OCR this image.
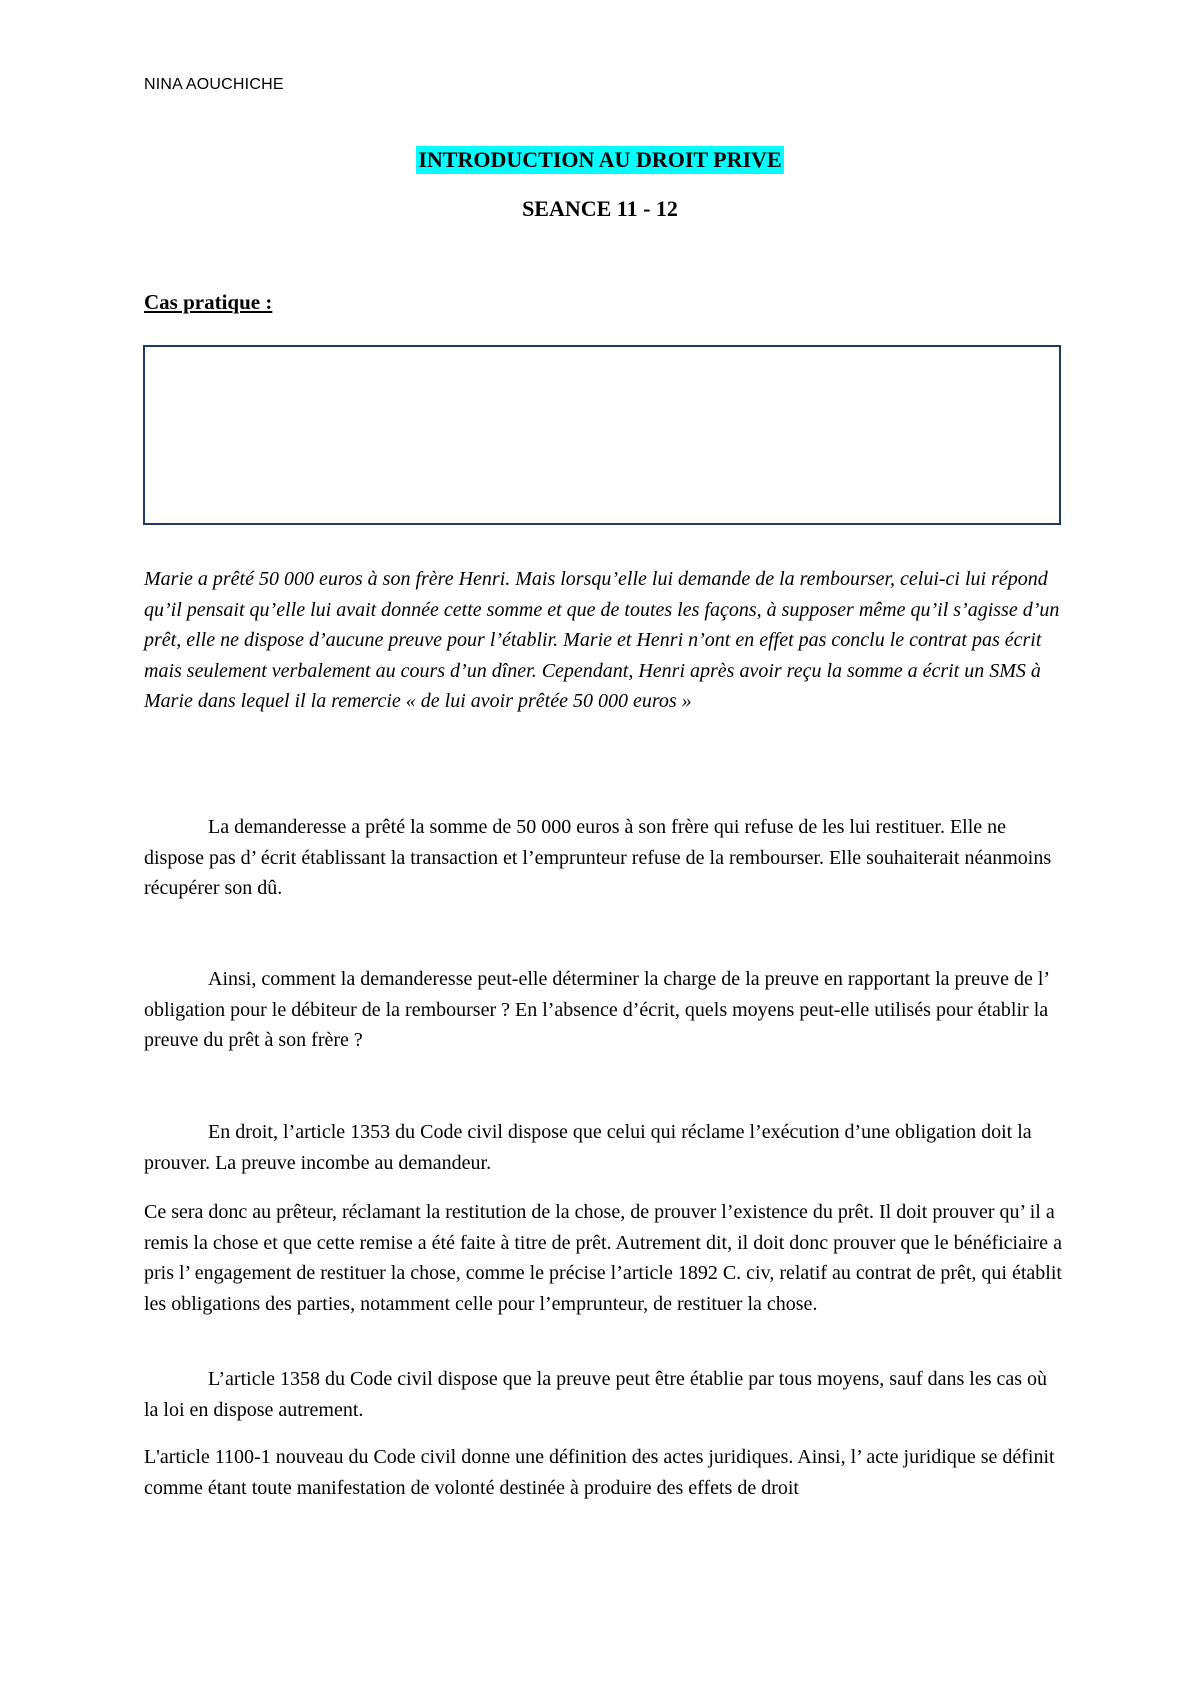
NINA AOUCHICHE
INTRODUCTION AU DROIT PRIVE
SEANCE 11 - 12
Cas pratique :

Marie a prêté 50 000 euros à son frère Henri. Mais lorsqu’elle lui demande de la rembourser, celui-ci lui répond qu’il pensait qu’elle lui avait donnée cette somme et que de toutes les façons, à supposer même qu’il s’agisse d’un prêt, elle ne dispose d’aucune preuve pour l’établir. Marie et Henri n’ont en effet pas conclu le contrat pas écrit mais seulement verbalement au cours d’un dîner. Cependant, Henri après avoir reçu la somme a écrit un SMS à Marie dans lequel il la remercie « de lui avoir prêtée 50 000 euros »

La demanderesse a prêté la somme de 50 000 euros à son frère qui refuse de les lui restituer. Elle ne dispose pas d’ écrit établissant la transaction et l’emprunteur refuse de la rembourser. Elle souhaiterait néanmoins récupérer son dû.

Ainsi, comment la demanderesse peut-elle déterminer la charge de la preuve en rapportant la preuve de l’ obligation pour le débiteur de la rembourser ? En l’absence d’écrit, quels moyens peut-elle utilisés pour établir la preuve du prêt à son frère ?

En droit, l’article 1353 du Code civil dispose que celui qui réclame l’exécution d’une obligation doit la prouver. La preuve incombe au demandeur.

Ce sera donc au prêteur, réclamant la restitution de la chose, de prouver l’existence du prêt. Il doit prouver qu’ il a remis la chose et que cette remise a été faite à titre de prêt. Autrement dit, il doit donc prouver que le bénéficiaire a pris l’ engagement de restituer la chose, comme le précise l’article 1892 C. civ, relatif au contrat de prêt, qui établit les obligations des parties, notamment celle pour l’emprunteur, de restituer la chose.

L’article 1358 du Code civil dispose que la preuve peut être établie par tous moyens, sauf dans les cas où la loi en dispose autrement.

L'article 1100-1 nouveau du Code civil donne une définition des actes juridiques. Ainsi, l’ acte juridique se définit comme étant toute manifestation de volonté destinée à produire des effets de droit
